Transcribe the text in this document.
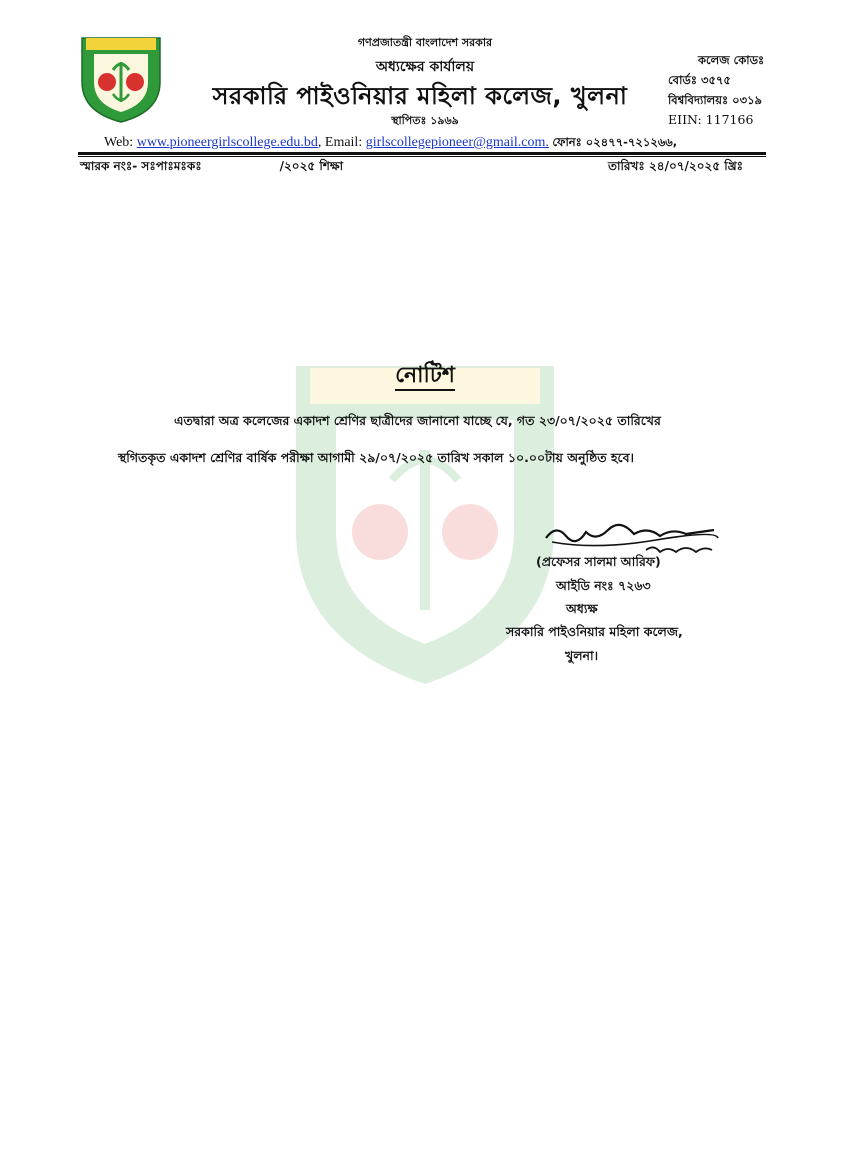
গণপ্রজাতন্ত্রী বাংলাদেশ সরকার
অধ্যক্ষের কার্যালয়
সরকারি পাইওনিয়ার মহিলা কলেজ, খুলনা
স্থাপিতঃ ১৯৬৯
কলেজ কোডঃ
বোর্ডঃ ৩৫৭৫
বিশ্ববিদ্যালয়ঃ ০৩১৯
EIIN: 117166
Web: www.pioneergirlscollege.edu.bd, Email: girlscollegepioneer@gmail.com. ফোনঃ ০২৪৭৭-৭২১২৬৬,
স্মারক নংঃ- সঃপাঃমঃকঃ	/২০২৫ শিক্ষা	তারিখঃ ২৪/০৭/২০২৫ খ্রিঃ
নোটিশ
এতদ্বারা অত্র কলেজের একাদশ শ্রেণির ছাত্রীদের জানানো যাচ্ছে যে, গত ২৩/০৭/২০২৫ তারিখের
স্থগিতকৃত একাদশ শ্রেণির বার্ষিক পরীক্ষা আগামী ২৯/০৭/২০২৫ তারিখ সকাল ১০.০০টায় অনুষ্ঠিত হবে।
(প্রফেসর সালমা আরিফ)
আইডি নংঃ ৭২৬৩
অধ্যক্ষ
সরকারি পাইওনিয়ার মহিলা কলেজ,
খুলনা।
